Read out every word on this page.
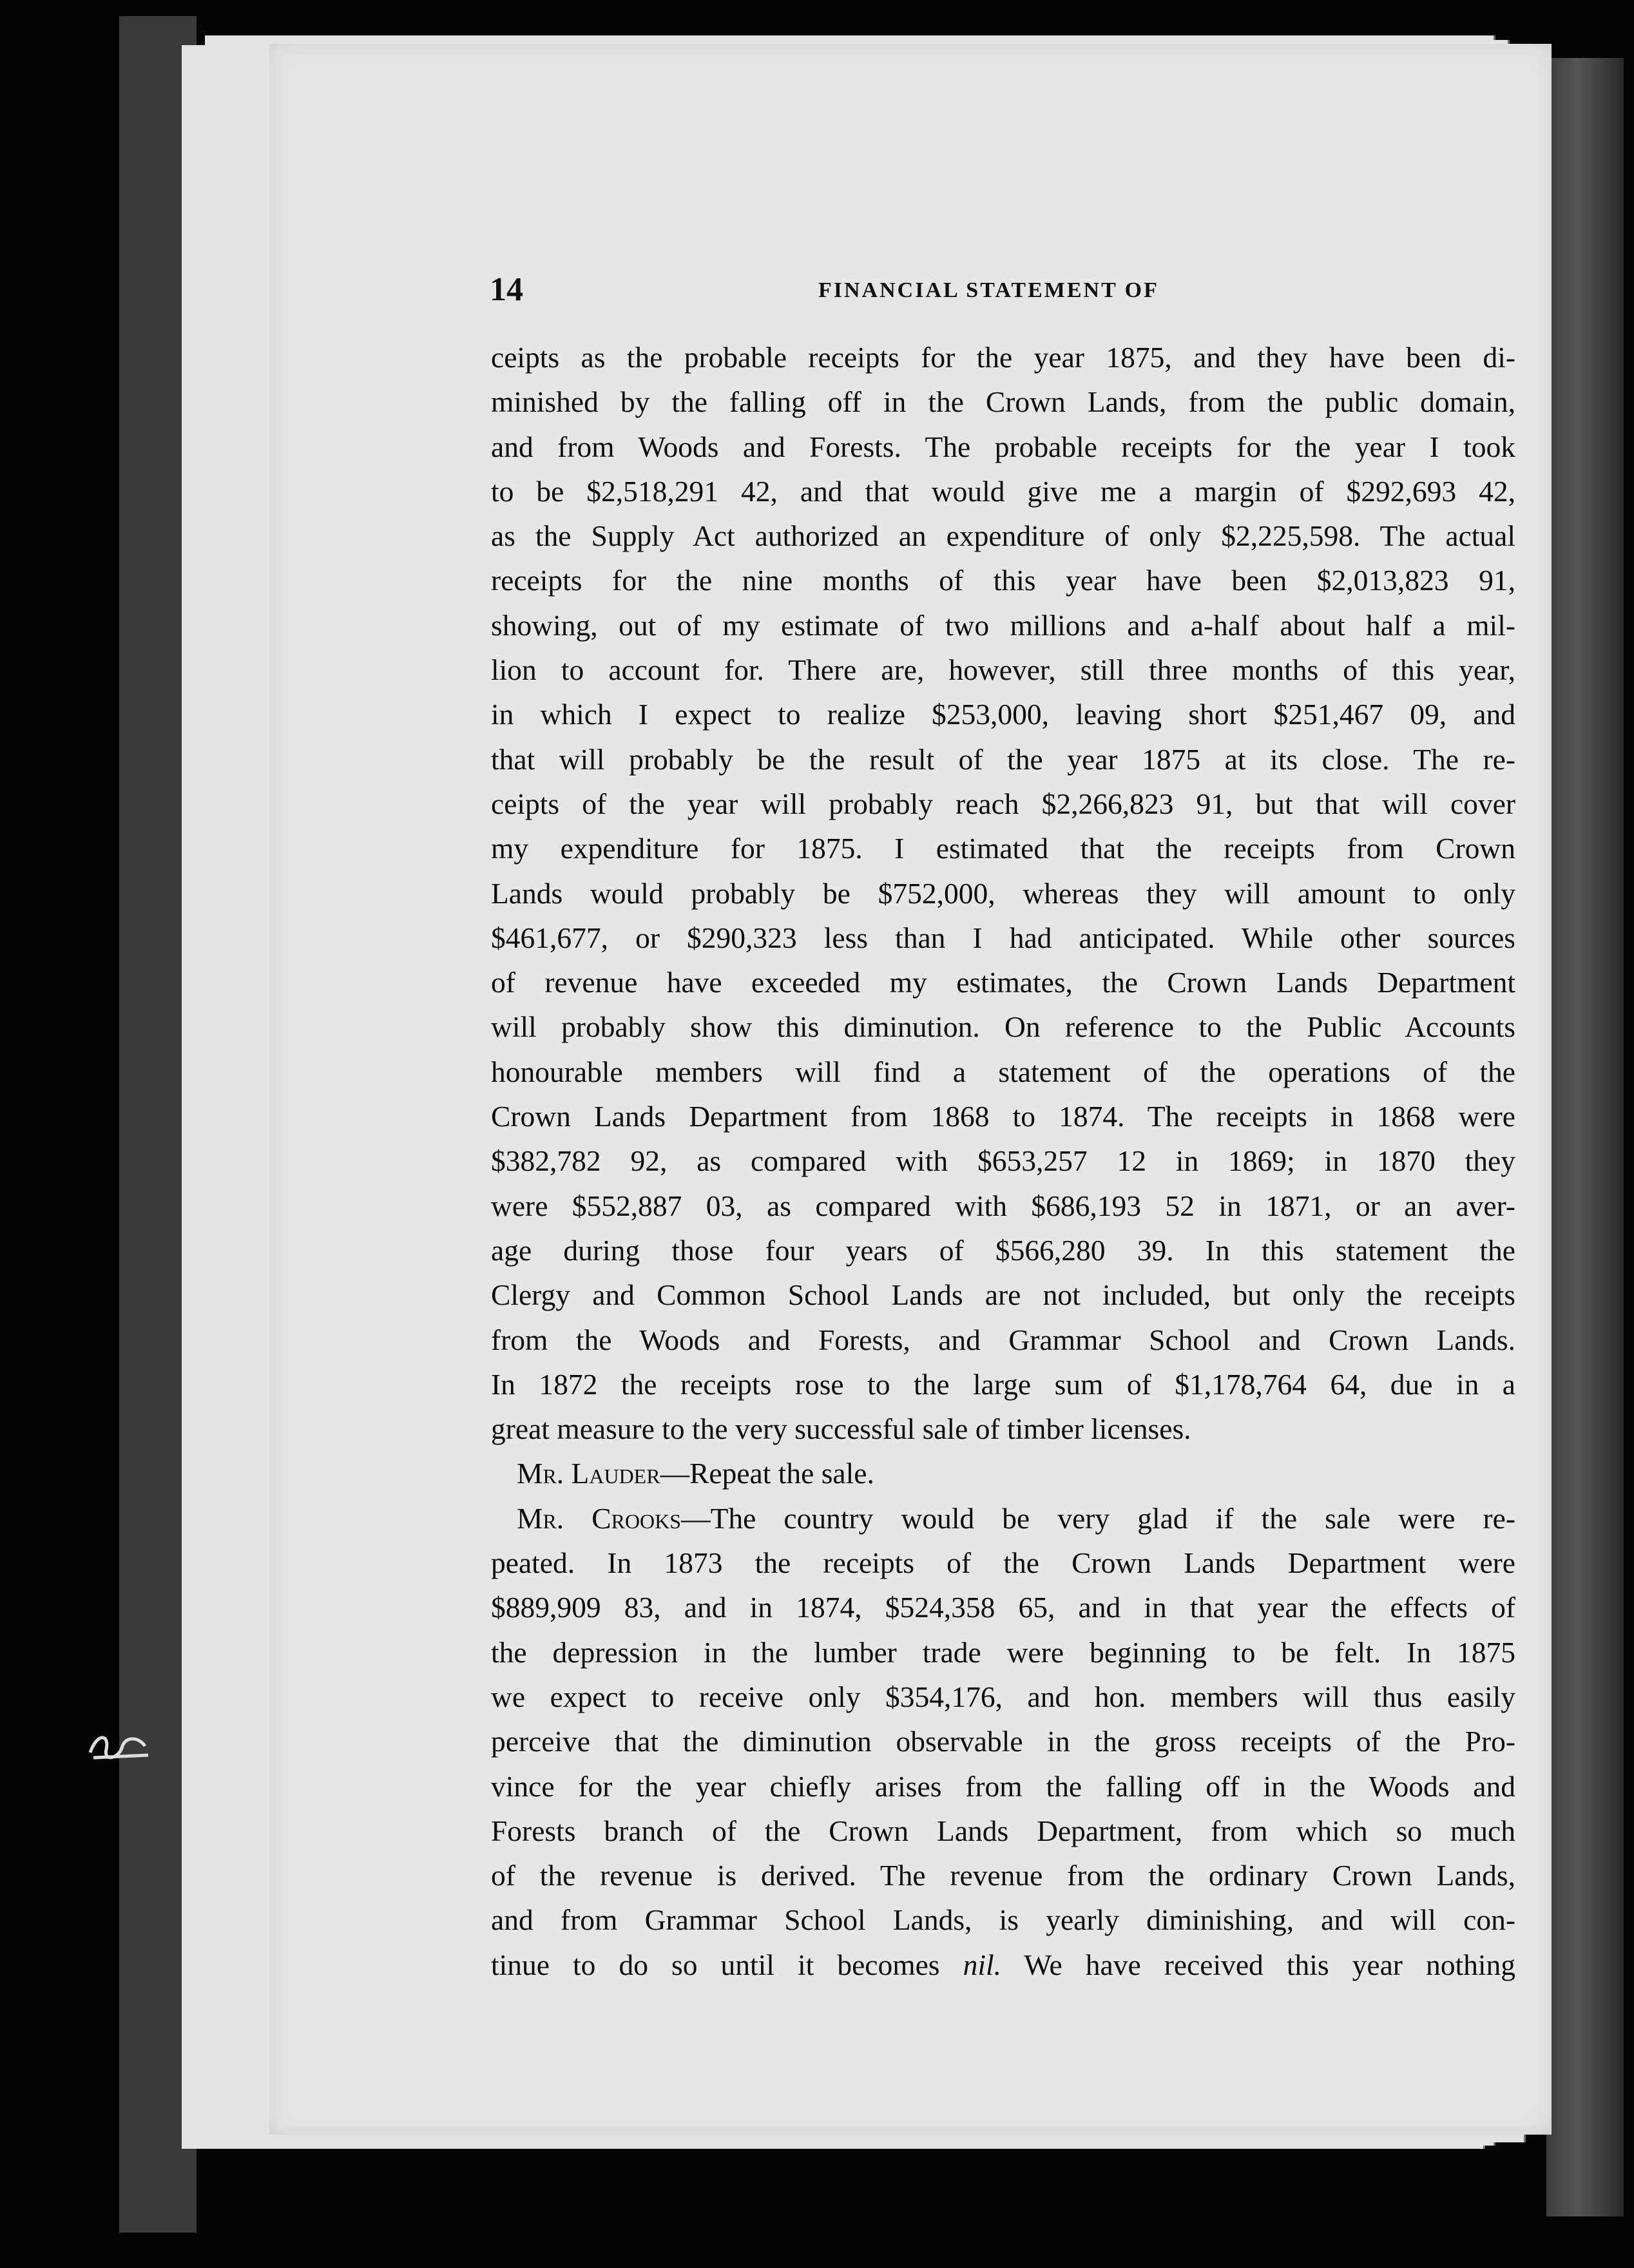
14	FINANCIAL STATEMENT OF
ceipts as the probable receipts for the year 1875, and they have been di-
minished by the falling off in the Crown Lands, from the public domain,
and from Woods and Forests. The probable receipts for the year I took
to be $2,518,291 42, and that would give me a margin of $292,693 42,
as the Supply Act authorized an expenditure of only $2,225,598. The actual
receipts for the nine months of this year have been $2,013,823 91,
showing, out of my estimate of two millions and a-half about half a mil-
lion to account for. There are, however, still three months of this year,
in which I expect to realize $253,000, leaving short $251,467 09, and
that will probably be the result of the year 1875 at its close. The re-
ceipts of the year will probably reach $2,266,823 91, but that will cover
my expenditure for 1875. I estimated that the receipts from Crown
Lands would probably be $752,000, whereas they will amount to only
$461,677, or $290,323 less than I had anticipated. While other sources
of revenue have exceeded my estimates, the Crown Lands Department
will probably show this diminution. On reference to the Public Accounts
honourable members will find a statement of the operations of the
Crown Lands Department from 1868 to 1874. The receipts in 1868 were
$382,782 92, as compared with $653,257 12 in 1869; in 1870 they
were $552,887 03, as compared with $686,193 52 in 1871, or an aver-
age during those four years of $566,280 39. In this statement the
Clergy and Common School Lands are not included, but only the receipts
from the Woods and Forests, and Grammar School and Crown Lands.
In 1872 the receipts rose to the large sum of $1,178,764 64, due in a
great measure to the very successful sale of timber licenses.
Mr. Lauder—Repeat the sale.
Mr. Crooks—The country would be very glad if the sale were re-
peated. In 1873 the receipts of the Crown Lands Department were
$889,909 83, and in 1874, $524,358 65, and in that year the effects of
the depression in the lumber trade were beginning to be felt. In 1875
we expect to receive only $354,176, and hon. members will thus easily
perceive that the diminution observable in the gross receipts of the Pro-
vince for the year chiefly arises from the falling off in the Woods and
Forests branch of the Crown Lands Department, from which so much
of the revenue is derived. The revenue from the ordinary Crown Lands,
and from Grammar School Lands, is yearly diminishing, and will con-
tinue to do so until it becomes nil. We have received this year nothing
